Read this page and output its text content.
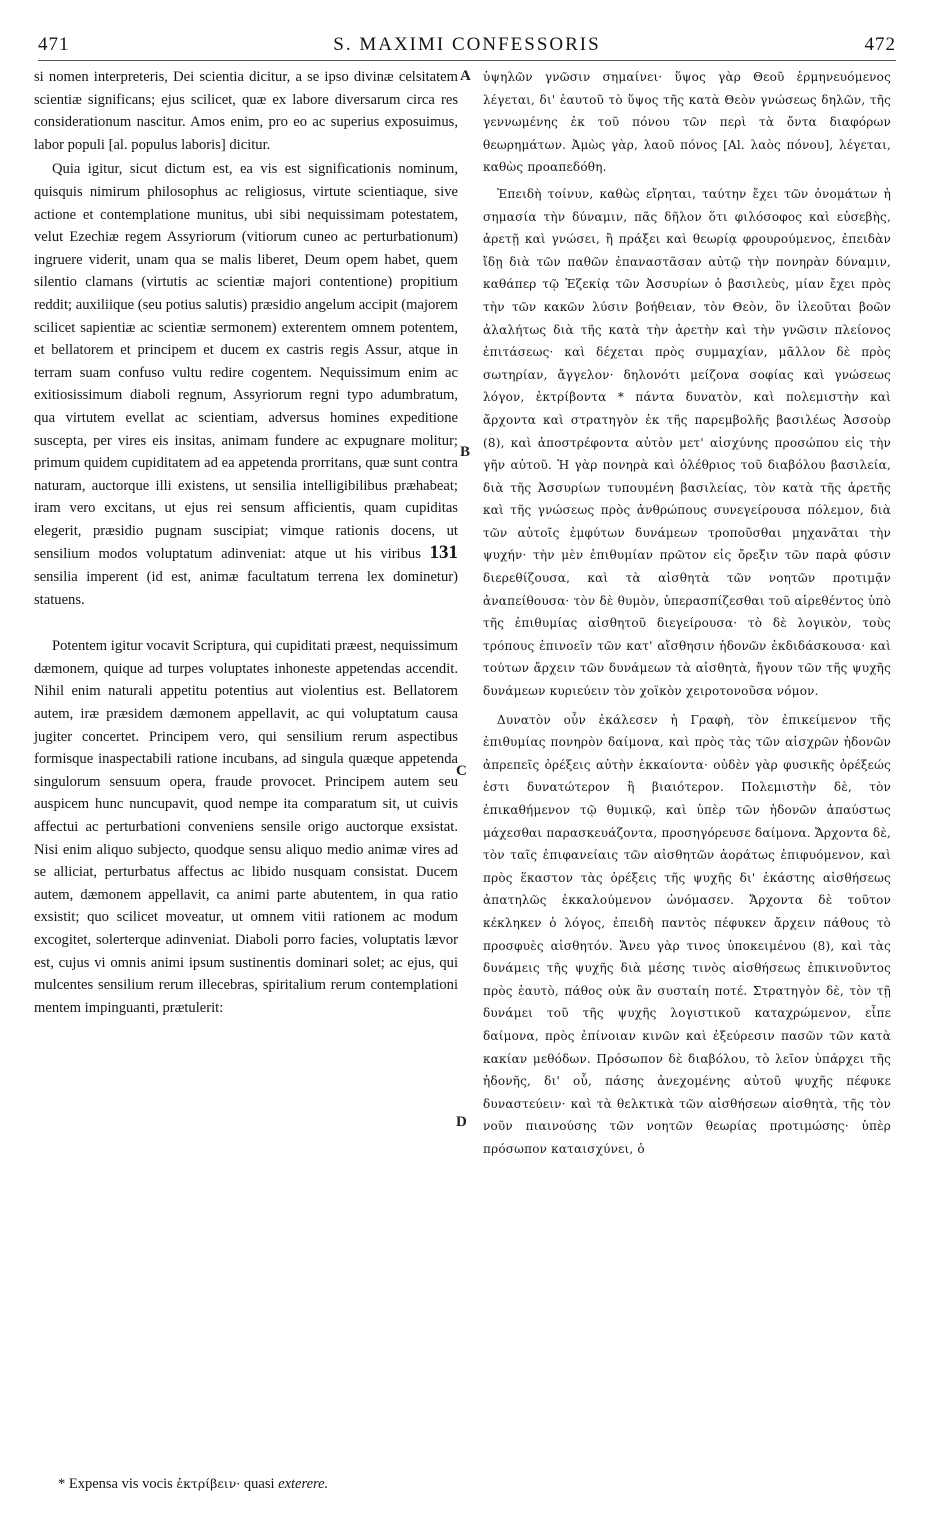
471	S. MAXIMI CONFESSORIS	472

si nomen interpreteris, Dei scientia dicitur, a se ipso divinæ celsitatem scientiæ significans; ejus scilicet, quæ ex labore diversarum circa res considerationum nascitur. Amos enim, pro eo ac superius exposuimus, labor populi [al. populus laboris] dicitur.

Quia igitur, sicut dictum est, ea vis est significationis nominum, quisquis nimirum philosophus ac religiosus, virtute scientiaque, sive actione et contemplatione munitus, ubi sibi nequissimam potestatem, velut Ezechiæ regem Assyriorum (vitiorum cuneo ac perturbationum) ingruere viderit, unam qua se malis liberet, Deum opem habet, quem silentio clamans (virtutis ac scientiæ majori contentione) propitium reddit; auxiliique (seu potius salutis) præsidio angelum accipit (majorem scilicet sapientiæ ac scientiæ sermonem) exterentem omnem potentem, et bellatorem et principem et ducem ex castris regis Assur, atque in terram suam confuso vultu redire cogentem. Nequissimum enim ac exitiosissimum diaboli regnum, Assyriorum regni typo adumbratum, qua virtutem evellat ac scientiam, adversus homines expeditione suscepta, per vires eis insitas, animam fundere ac expugnare molitur; primum quidem cupiditatem ad ea appetenda prorritans, quæ sunt contra naturam, auctorque illi existens, ut sensilia intelligibilibus præhabeat; iram vero excitans, ut ejus rei sensum afficientis, quam cupiditas elegerit, præsidio pugnam suscipiat; vimque rationis docens, ut sensilium modos voluptatum adinveniat: atque ut his viribus 131 sensilia imperent (id est, animæ facultatum terrena lex dominetur) statuens.

Potentem igitur vocavit Scriptura, qui cupiditati præest, nequissimum dæmonem, quique ad turpes voluptates inhoneste appetendas accendit. Nihil enim naturali appetitu potentius aut violentius est. Bellatorem autem, iræ præsidem dæmonem appellavit, ac qui voluptatum causa jugiter concertet. Principem vero, qui sensilium rerum aspectibus formisque inaspectabili ratione incubans, ad singula quæque appetenda singulorum sensuum opera, fraude provocet. Principem autem seu auspicem hunc nuncupavit, quod nempe ita comparatum sit, ut cuivis affectui ac perturbationi conveniens sensile origo auctorque exsistat. Nisi enim aliquo subjecto, quodque sensu aliquo medio animæ vires ad se alliciat, perturbatus affectus ac libido nusquam consistat. Ducem autem, dæmonem appellavit, ca animi parte abutentem, in qua ratio exsistit; quo scilicet moveatur, ut omnem vitii rationem ac modum excogitet, solerterque adinveniat. Diaboli porro facies, voluptatis lævor est, cujus vi omnis animi ipsum sustinentis dominari solet; ac ejus, qui mulcentes sensilium rerum illecebras, spiritalium rerum contemplationi mentem impinguanti, prætulerit:

A
B
C
D

ὑψηλῶν γνῶσιν σημαίνει· ὕψος γὰρ Θεοῦ ἑρμηνευόμενος λέγεται, δι' ἑαυτοῦ τὸ ὕψος τῆς κατὰ Θεὸν γνώσεως δηλῶν, τῆς γεννωμένης ἐκ τοῦ πόνου τῶν περὶ τὰ ὄντα διαφόρων θεωρημάτων. Ἀμὼς γὰρ, λαοῦ πόνος [Al. λαὸς πόνου], λέγεται, καθὼς προαπεδόθη.

Ἐπειδὴ τοίνυν, καθὼς εἴρηται, ταύτην ἔχει τῶν ὀνομάτων ἡ σημασία τὴν δύναμιν, πᾶς δῆλον ὅτι φιλόσοφος καὶ εὐσεβὴς, ἀρετῇ καὶ γνώσει, ἢ πράξει καὶ θεωρίᾳ φρουρούμενος, ἐπειδὰν ἴδῃ διὰ τῶν παθῶν ἐπαναστᾶσαν αὐτῷ τὴν πονηρὰν δύναμιν, καθάπερ τῷ Ἐζεκίᾳ τῶν Ἀσσυρίων ὁ βασιλεὺς, μίαν ἔχει πρὸς τὴν τῶν κακῶν λύσιν βοήθειαν, τὸν Θεὸν, ὃν ἱλεοῦται βοῶν ἀλαλήτως διὰ τῆς κατὰ τὴν ἀρετὴν καὶ τὴν γνῶσιν πλείονος ἐπιτάσεως· καὶ δέχεται πρὸς συμμαχίαν, μᾶλλον δὲ πρὸς σωτηρίαν, ἄγγελον· δηλονότι μείζονα σοφίας καὶ γνώσεως λόγον, ἐκτρίβοντα * πάντα δυνατὸν, καὶ πολεμιστὴν καὶ ἄρχοντα καὶ στρατηγὸν ἐκ τῆς παρεμβολῆς βασιλέως Ἀσσοὺρ (8), καὶ ἀποστρέφοντα αὐτὸν μετ' αἰσχύνης προσώπου εἰς τὴν γῆν αὐτοῦ. Ἡ γὰρ πονηρὰ καὶ ὀλέθριος τοῦ διαβόλου βασιλεία, διὰ τῆς Ἀσσυρίων τυπουμένη βασιλείας, τὸν κατὰ τῆς ἀρετῆς καὶ τῆς γνώσεως πρὸς ἀνθρώπους συνεγείρουσα πόλεμον, διὰ τῶν αὐτοῖς ἐμφύτων δυνάμεων τροποῦσθαι μηχανᾶται τὴν ψυχήν· τὴν μὲν ἐπιθυμίαν πρῶτον εἰς ὄρεξιν τῶν παρὰ φύσιν διερεθίζουσα, καὶ τὰ αἰσθητὰ τῶν νοητῶν προτιμᾷν ἀναπείθουσα· τὸν δὲ θυμὸν, ὑπερασπίζεσθαι τοῦ αἱρεθέντος ὑπὸ τῆς ἐπιθυμίας αἰσθητοῦ διεγείρουσα· τὸ δὲ λογικὸν, τοὺς τρόπους ἐπινοεῖν τῶν κατ' αἴσθησιν ἡδονῶν ἐκδιδάσκουσα· καὶ τούτων ἄρχειν τῶν δυνάμεων τὰ αἰσθητὰ, ἤγουν τῶν τῆς ψυχῆς δυνάμεων κυριεύειν τὸν χοϊκὸν χειροτονοῦσα νόμον.

Δυνατὸν οὖν ἐκάλεσεν ἡ Γραφὴ, τὸν ἐπικείμενον τῆς ἐπιθυμίας πονηρὸν δαίμονα, καὶ πρὸς τὰς τῶν αἰσχρῶν ἡδονῶν ἀπρεπεῖς ὀρέξεις αὐτὴν ἐκκαίοντα· οὐδὲν γὰρ φυσικῆς ὀρέξεώς ἐστι δυνατώτερον ἢ βιαιότερον. Πολεμιστὴν δὲ, τὸν ἐπικαθήμενον τῷ θυμικῷ, καὶ ὑπὲρ τῶν ἡδονῶν ἀπαύστως μάχεσθαι παρασκευάζοντα, προσηγόρευσε δαίμονα. Ἄρχοντα δὲ, τὸν ταῖς ἐπιφανείαις τῶν αἰσθητῶν ἀοράτως ἐπιφυόμενον, καὶ πρὸς ἕκαστον τὰς ὀρέξεις τῆς ψυχῆς δι' ἑκάστης αἰσθήσεως ἀπατηλῶς ἐκκαλούμενον ὠνόμασεν. Ἄρχοντα δὲ τοῦτον κέκληκεν ὁ λόγος, ἐπειδὴ παντὸς πέφυκεν ἄρχειν πάθους τὸ προσφυὲς αἰσθητόν. Ἄνευ γὰρ τινος ὑποκειμένου (8), καὶ τὰς δυνάμεις τῆς ψυχῆς διὰ μέσης τινὸς αἰσθήσεως ἐπικινοῦντος πρὸς ἑαυτὸ, πάθος οὐκ ἂν συσταίη ποτέ. Στρατηγὸν δὲ, τὸν τῇ δυνάμει τοῦ τῆς ψυχῆς λογιστικοῦ καταχρώμενον, εἶπε δαίμονα, πρὸς ἐπίνοιαν κινῶν καὶ ἐξεύρεσιν πασῶν τῶν κατὰ κακίαν μεθόδων. Πρόσωπον δὲ διαβόλου, τὸ λεῖον ὑπάρχει τῆς ἡδονῆς, δι' οὗ, πάσης ἀνεχομένης αὐτοῦ ψυχῆς πέφυκε δυναστεύειν· καὶ τὰ θελκτικὰ τῶν αἰσθήσεων αἰσθητὰ, τῆς τὸν νοῦν πιαινούσης τῶν νοητῶν θεωρίας προτιμώσης· ὑπὲρ πρόσωπον καταισχύνει, ὁ

* Expensa vis vocis ἐκτρίβειν· quasi exterere.
